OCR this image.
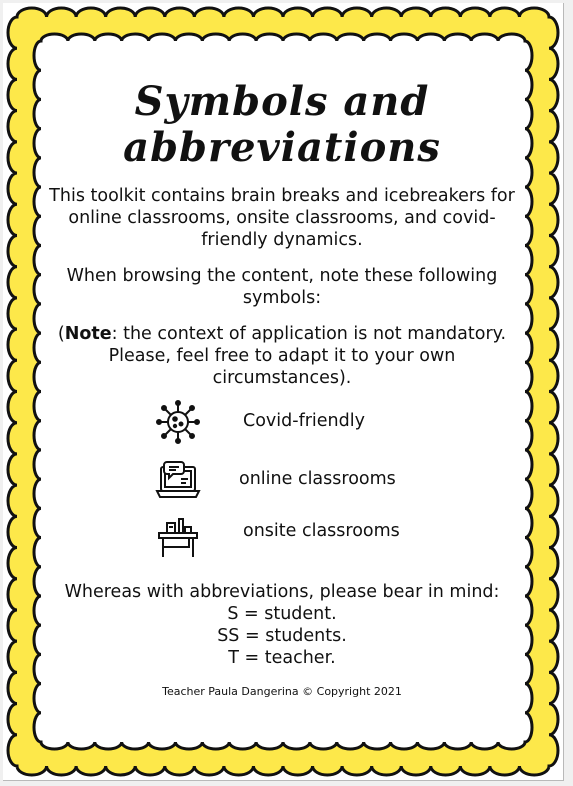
Symbols and
abbreviations

This toolkit contains brain breaks and icebreakers for online classrooms, onsite classrooms, and covid-friendly dynamics.

When browsing the content, note these following symbols:

(Note: the context of application is not mandatory. Please, feel free to adapt it to your own circumstances).

Covid-friendly
online classrooms
onsite classrooms

Whereas with abbreviations, please bear in mind:

S = student.

SS = students.

T = teacher.

Teacher Paula Dangerina © Copyright 2021
